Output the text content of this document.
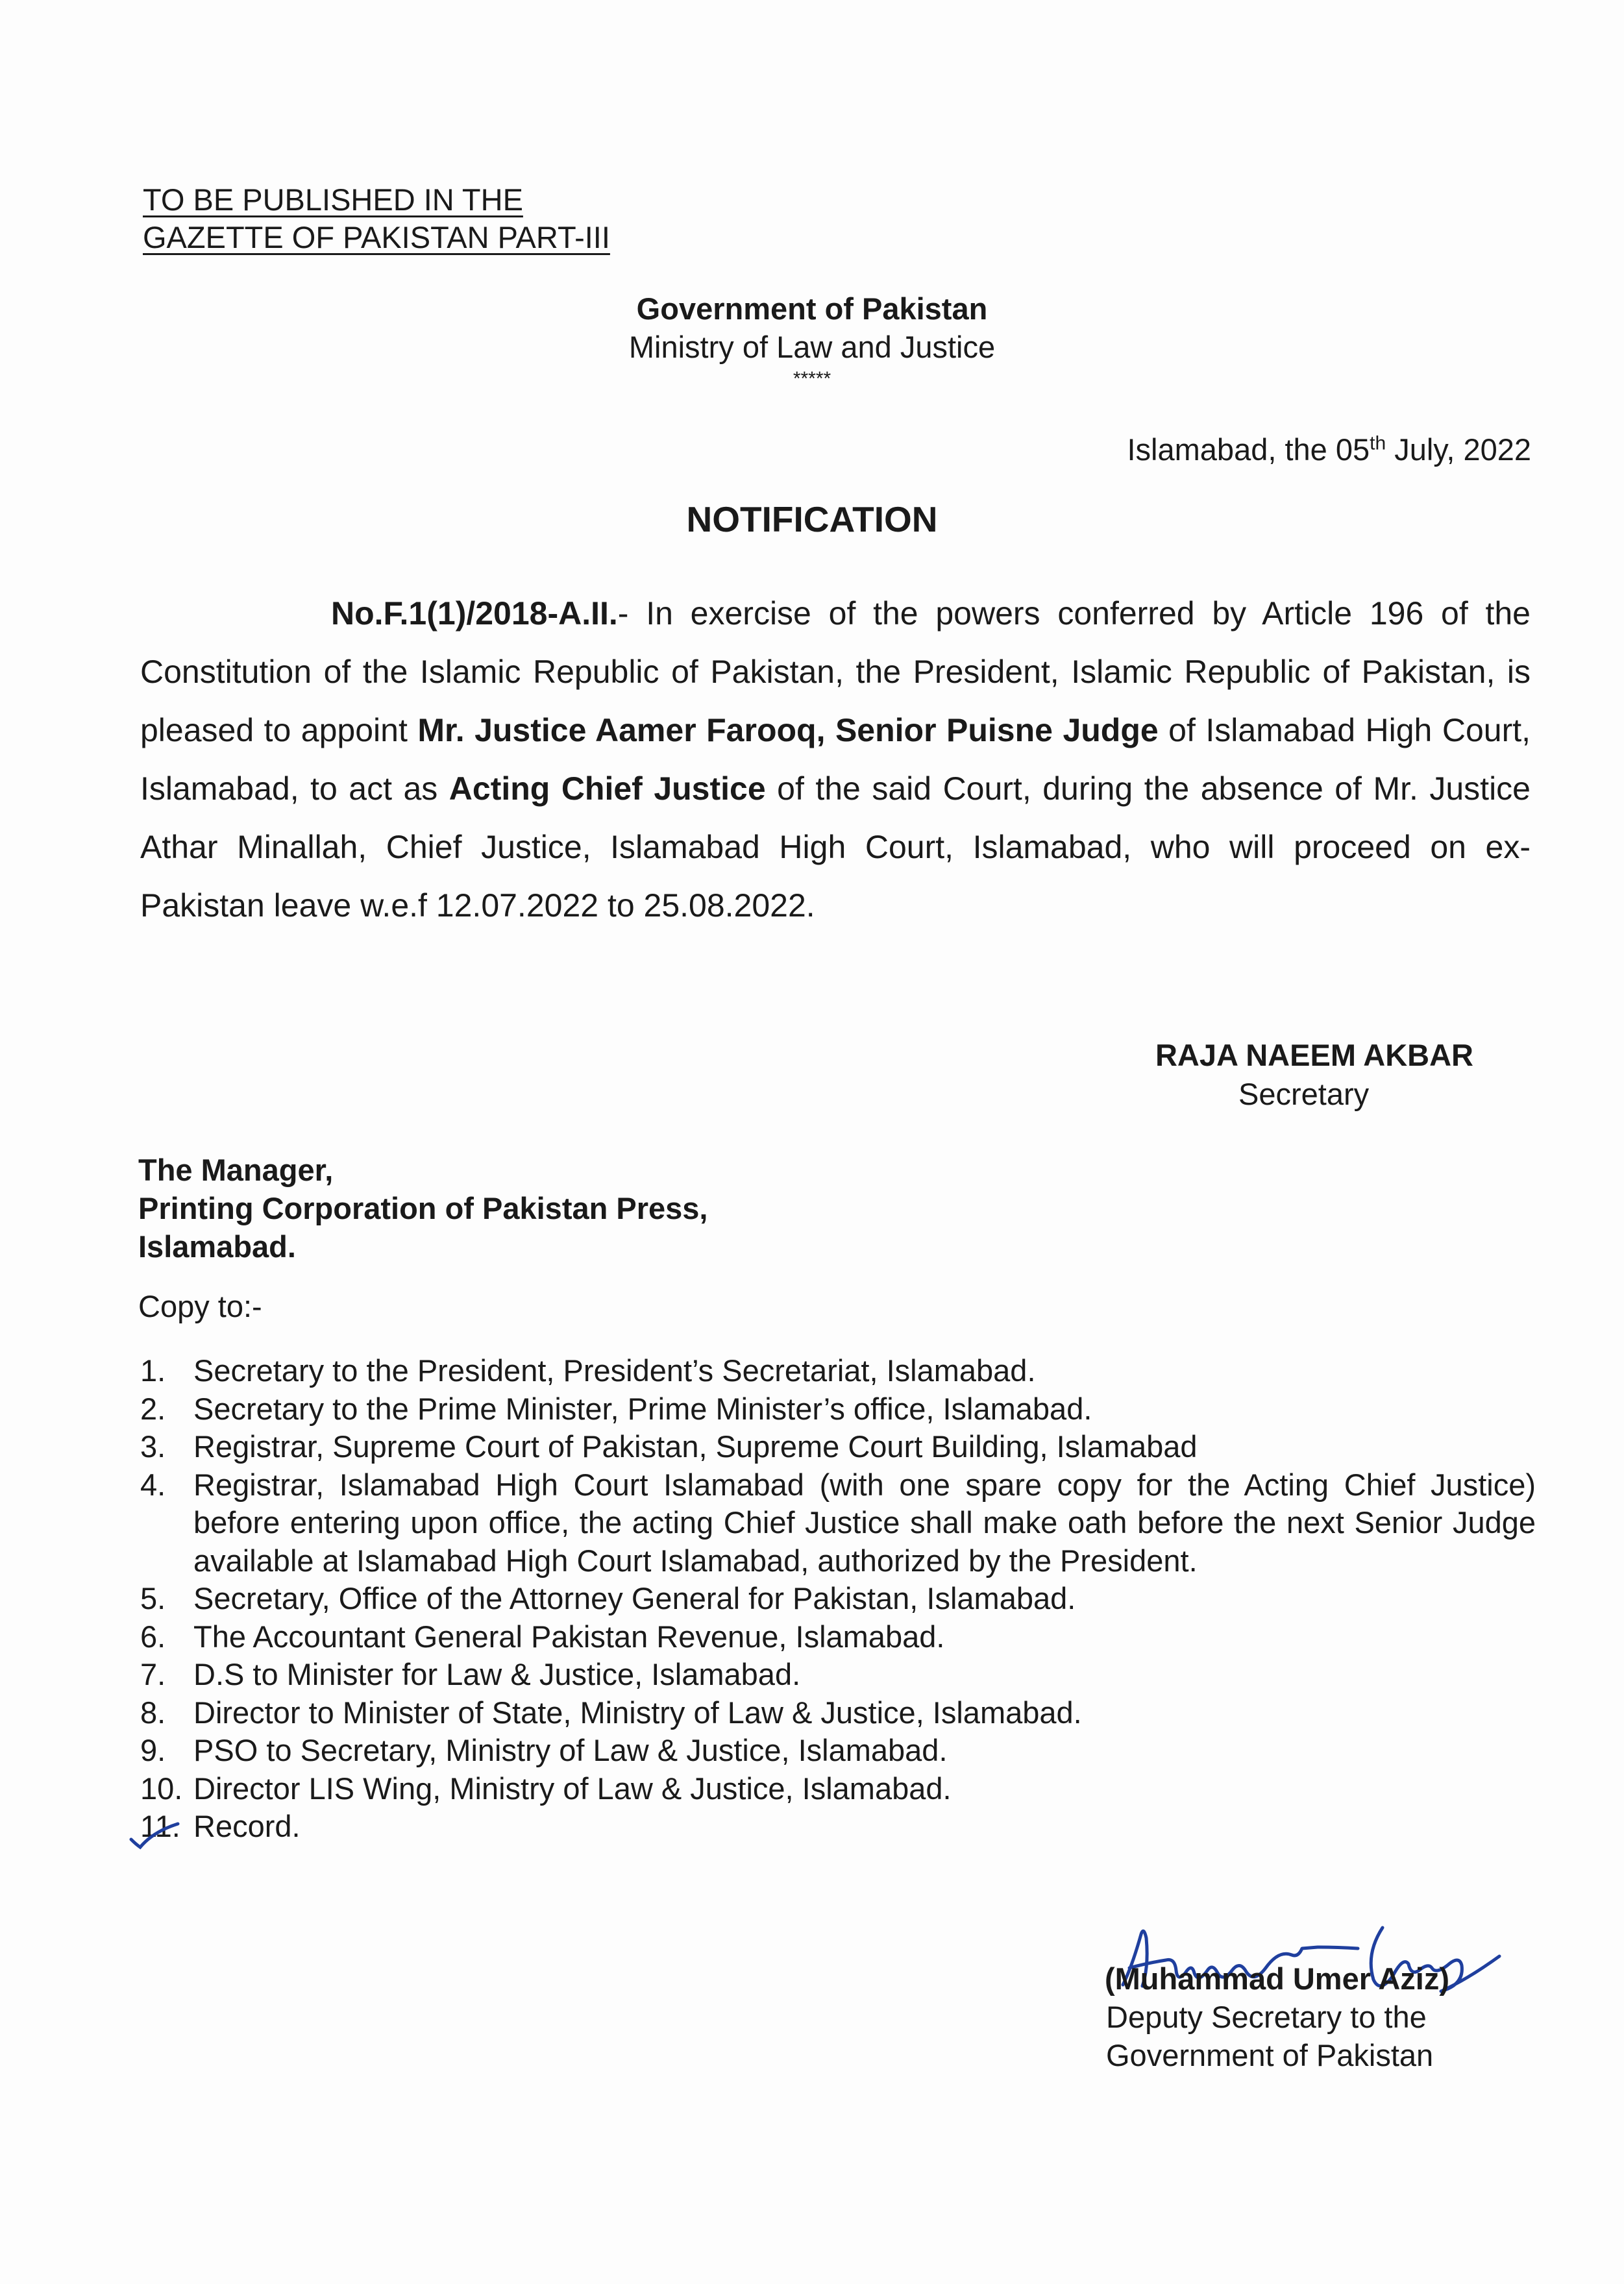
TO BE PUBLISHED IN THE
GAZETTE OF PAKISTAN PART-III
Government of Pakistan
Ministry of Law and Justice
*****
Islamabad, the 05th July, 2022
NOTIFICATION
No.F.1(1)/2018-A.II.- In exercise of the powers conferred by Article 196 of the Constitution of the Islamic Republic of Pakistan, the President, Islamic Republic of Pakistan, is pleased to appoint Mr. Justice Aamer Farooq, Senior Puisne Judge of Islamabad High Court, Islamabad, to act as Acting Chief Justice of the said Court, during the absence of Mr. Justice Athar Minallah, Chief Justice, Islamabad High Court, Islamabad, who will proceed on ex-Pakistan leave w.e.f 12.07.2022 to 25.08.2022.
RAJA NAEEM AKBAR
Secretary
The Manager,
Printing Corporation of Pakistan Press,
Islamabad.
Copy to:-
1. Secretary to the President, President’s Secretariat, Islamabad.
2. Secretary to the Prime Minister, Prime Minister’s office, Islamabad.
3. Registrar, Supreme Court of Pakistan, Supreme Court Building, Islamabad
4. Registrar, Islamabad High Court Islamabad (with one spare copy for the Acting Chief Justice) before entering upon office, the acting Chief Justice shall make oath before the next Senior Judge available at Islamabad High Court Islamabad, authorized by the President.
5. Secretary, Office of the Attorney General for Pakistan, Islamabad.
6. The Accountant General Pakistan Revenue, Islamabad.
7. D.S to Minister for Law & Justice, Islamabad.
8. Director to Minister of State, Ministry of Law & Justice, Islamabad.
9. PSO to Secretary, Ministry of Law & Justice, Islamabad.
10. Director LIS Wing, Ministry of Law & Justice, Islamabad.
11. Record.
(Muhammad Umer Aziz)
Deputy Secretary to the
Government of Pakistan
